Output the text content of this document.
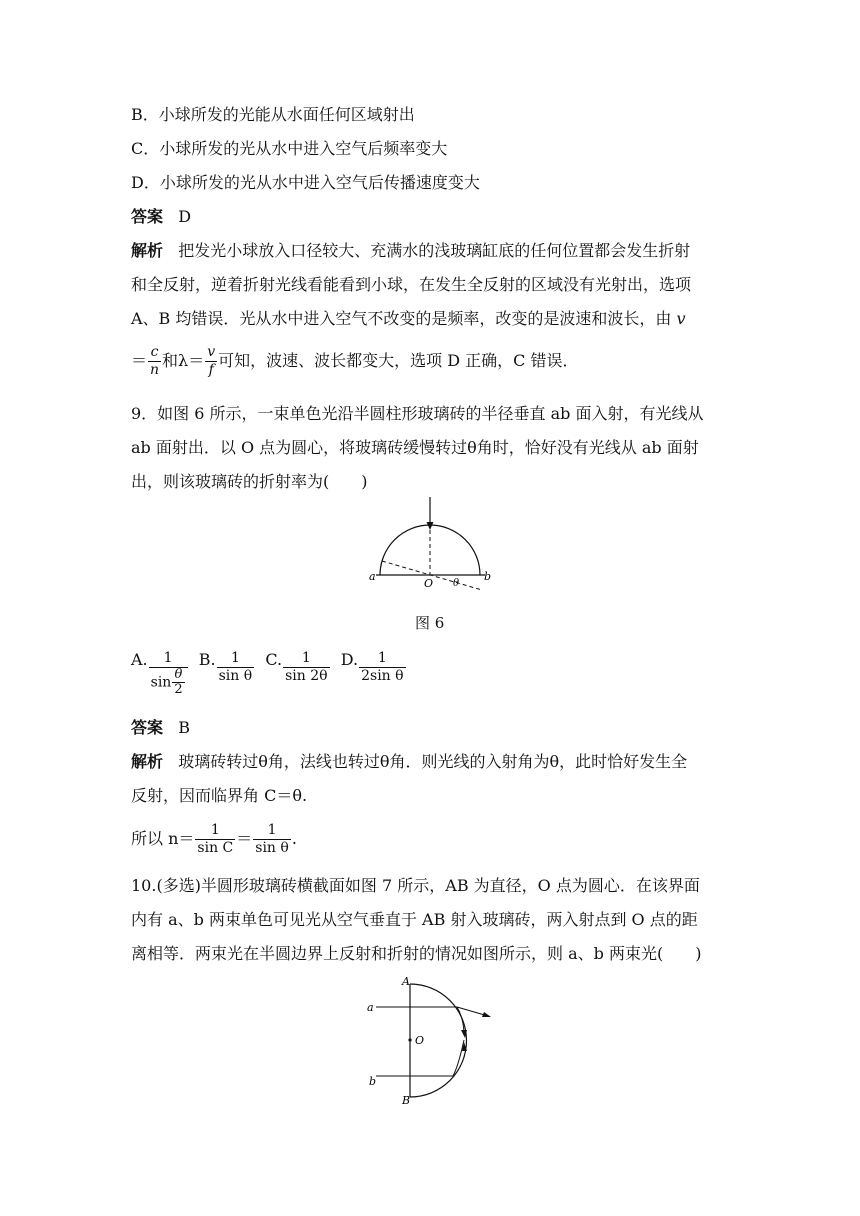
B．小球所发的光能从水面任何区域射出
C．小球所发的光从水中进入空气后频率变大
D．小球所发的光从水中进入空气后传播速度变大
答案 D
解析 把发光小球放入口径较大、充满水的浅玻璃缸底的任何位置都会发生折射
和全反射，逆着折射光线看能看到小球，在发生全反射的区域没有光射出，选项
A、B 均错误．光从水中进入空气不改变的是频率，改变的是波速和波长，由 v
＝ $\frac{c}{n}$ 和$\lambda= \frac{v}{f}$ 可知，波速、波长都变大，选项 D 正确，C 错误．
9．如图 6 所示，一束单色光沿半圆柱形玻璃砖的半径垂直 ab 面入射，有光线从
ab 面射出．以 O 点为圆心，将玻璃砖缓慢转过θ角时，恰好没有光线从 ab 面射
出，则该玻璃砖的折射率为(　　)
a
O θ
b
图 6
A. $\frac{1}{\sin \frac{\theta}{2}} B$. $\frac{1}{\text{sin θ}} C$. $\frac{1}{\sin 2\theta} D$. $\frac{1}{\text{2sin θ}}$
答案 B
解析 玻璃砖转过θ角，法线也转过θ角．则光线的入射角为θ，此时恰好发生全
反射，因而临界角 C＝θ.
所以 $n= \frac{1}{\text{sin C}} = \frac{1}{\text{sin θ}}$ .
10.(多选)半圆形玻璃砖横截面如图 7 所示，AB 为直径，O 点为圆心．在该界面
内有 a、b 两束单色可见光从空气垂直于 AB 射入玻璃砖，两入射点到 O 点的距
离相等．两束光在半圆边界上反射和折射的情况如图所示，则 a、b 两束光(　　)
A
a
O
b
B
